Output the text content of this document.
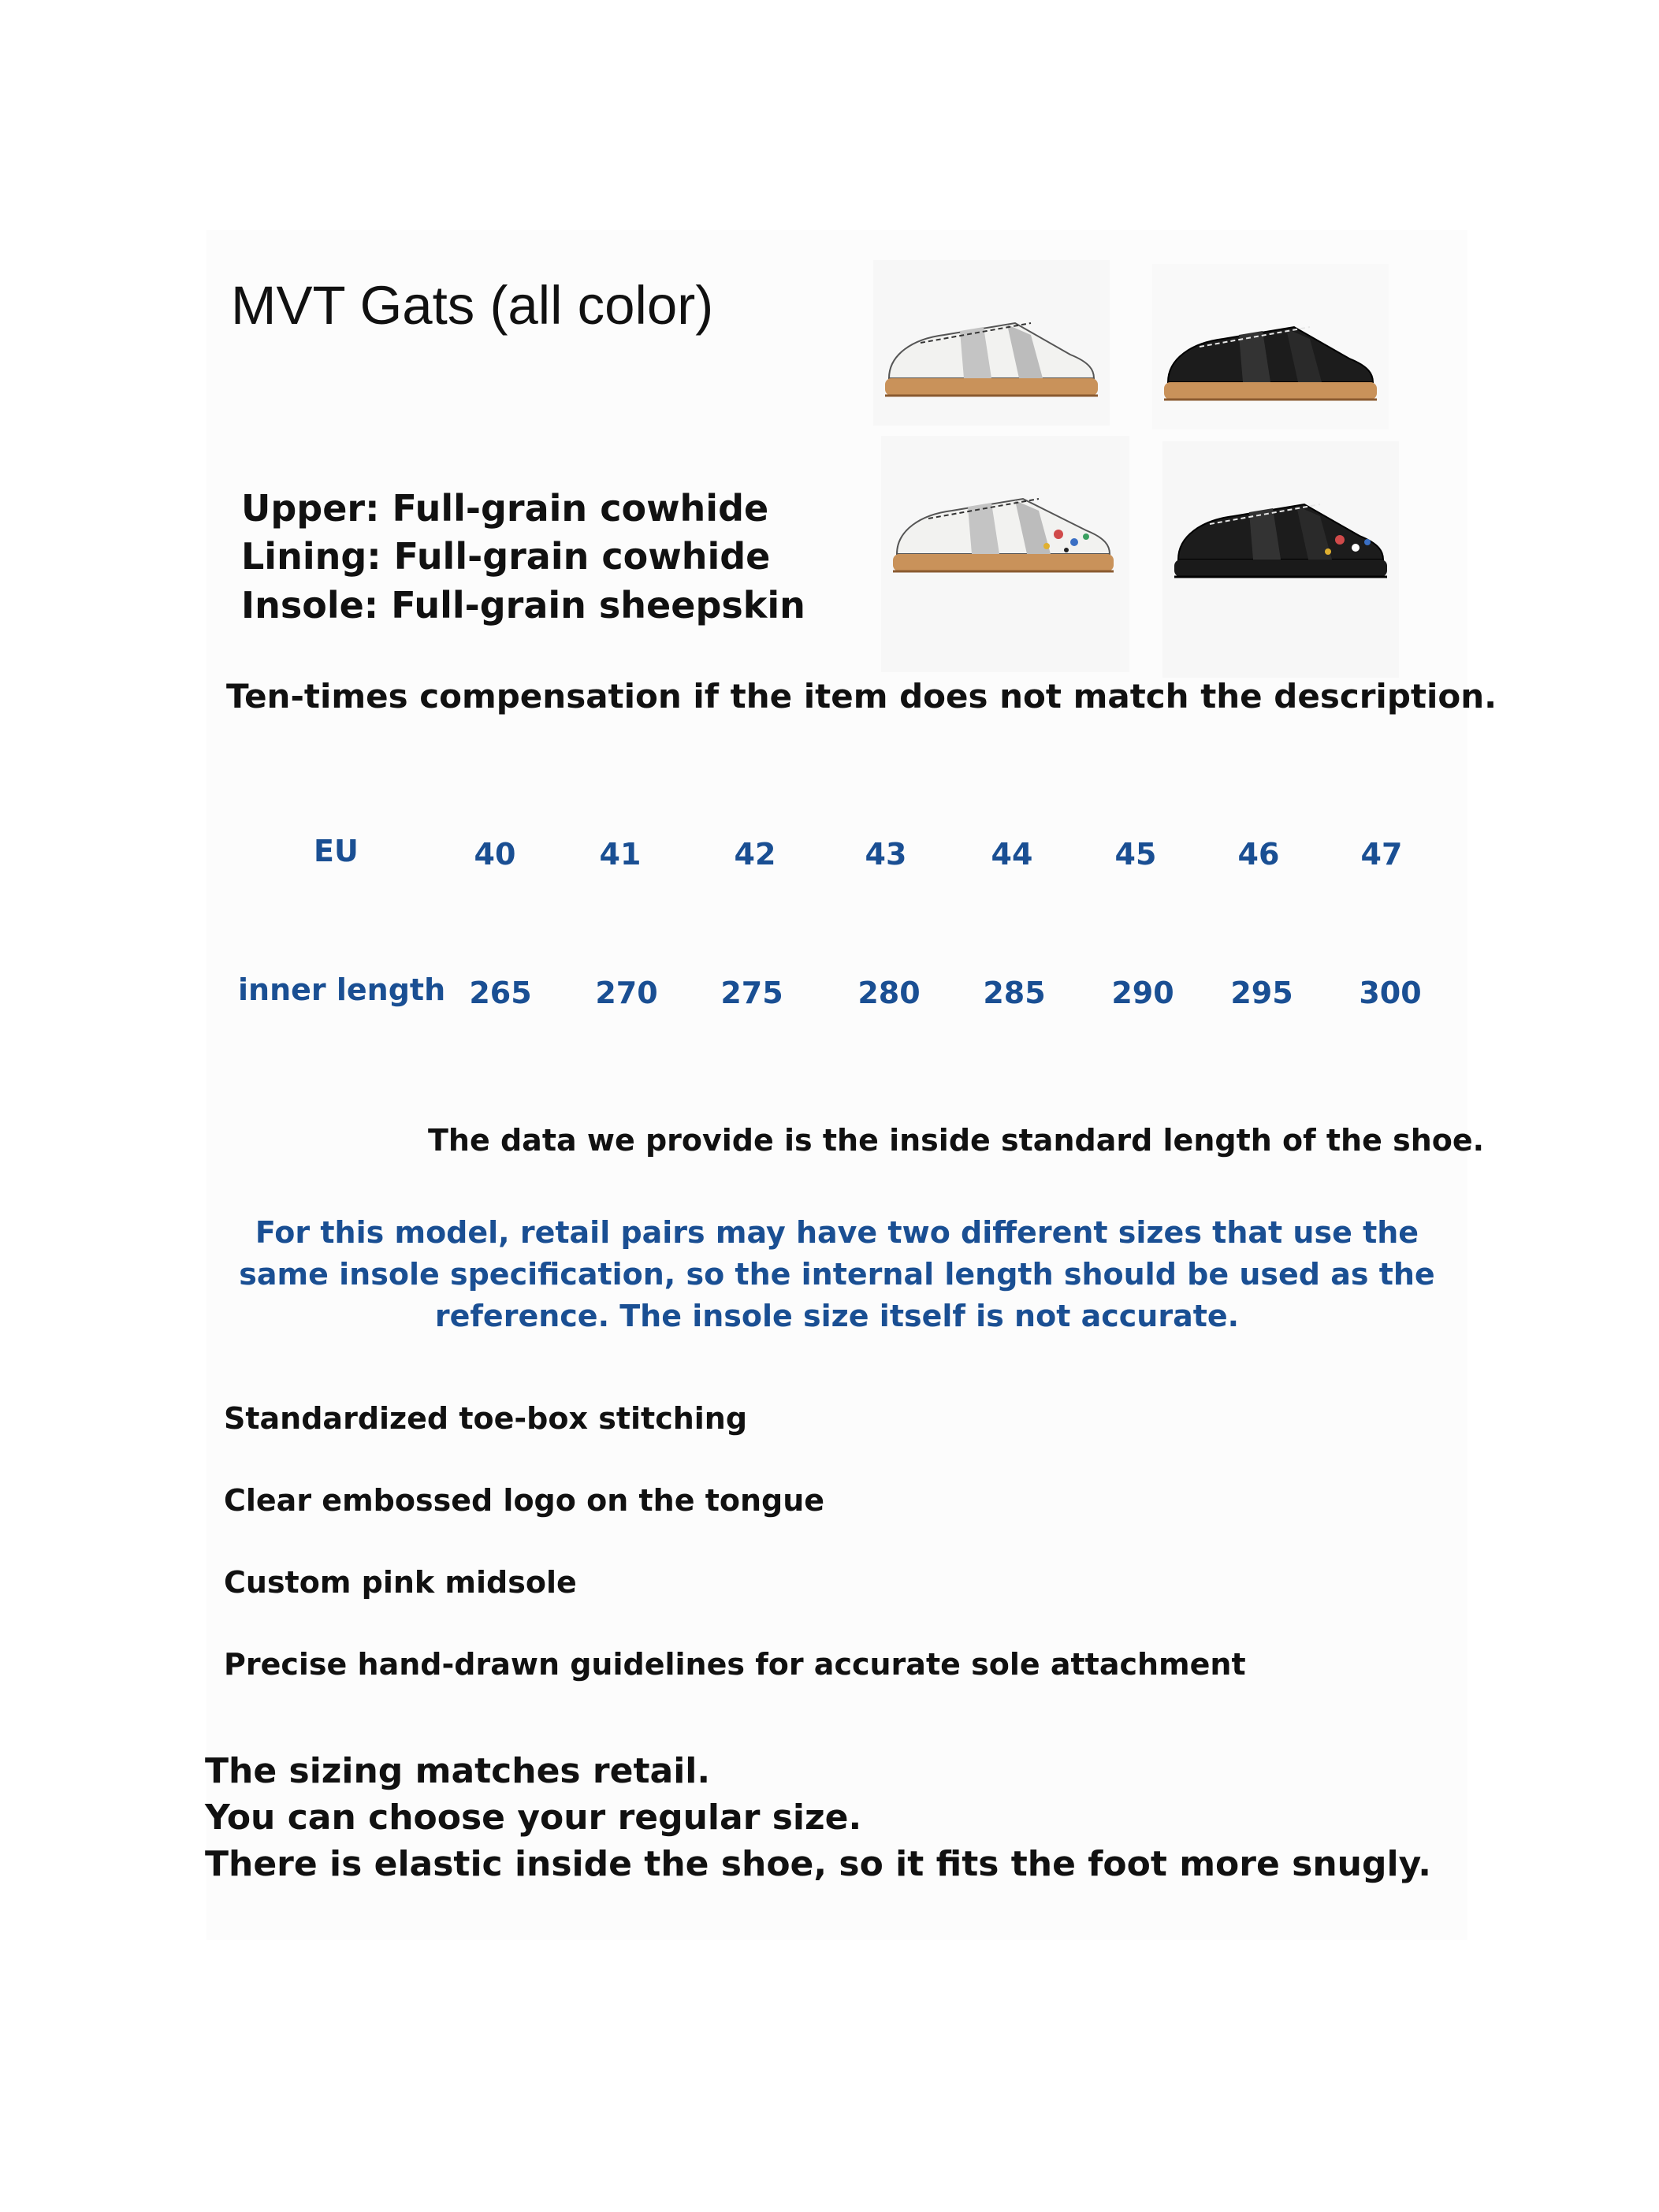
MVT Gats (all color)
Upper: Full-grain cowhide
Lining: Full-grain cowhide
Insole: Full-grain sheepskin
Ten-times compensation if the item does not match the description.
EU	40	41	42	43	44	45	46	47
inner length 265	270	275	280	285	290	295	300
The data we provide is the inside standard length of the shoe.
For this model, retail pairs may have two different sizes that use the same insole specification, so the internal length should be used as the reference. The insole size itself is not accurate.
Standardized toe-box stitching
Clear embossed logo on the tongue
Custom pink midsole
Precise hand-drawn guidelines for accurate sole attachment
The sizing matches retail.
You can choose your regular size.
There is elastic inside the shoe, so it fits the foot more snugly.
